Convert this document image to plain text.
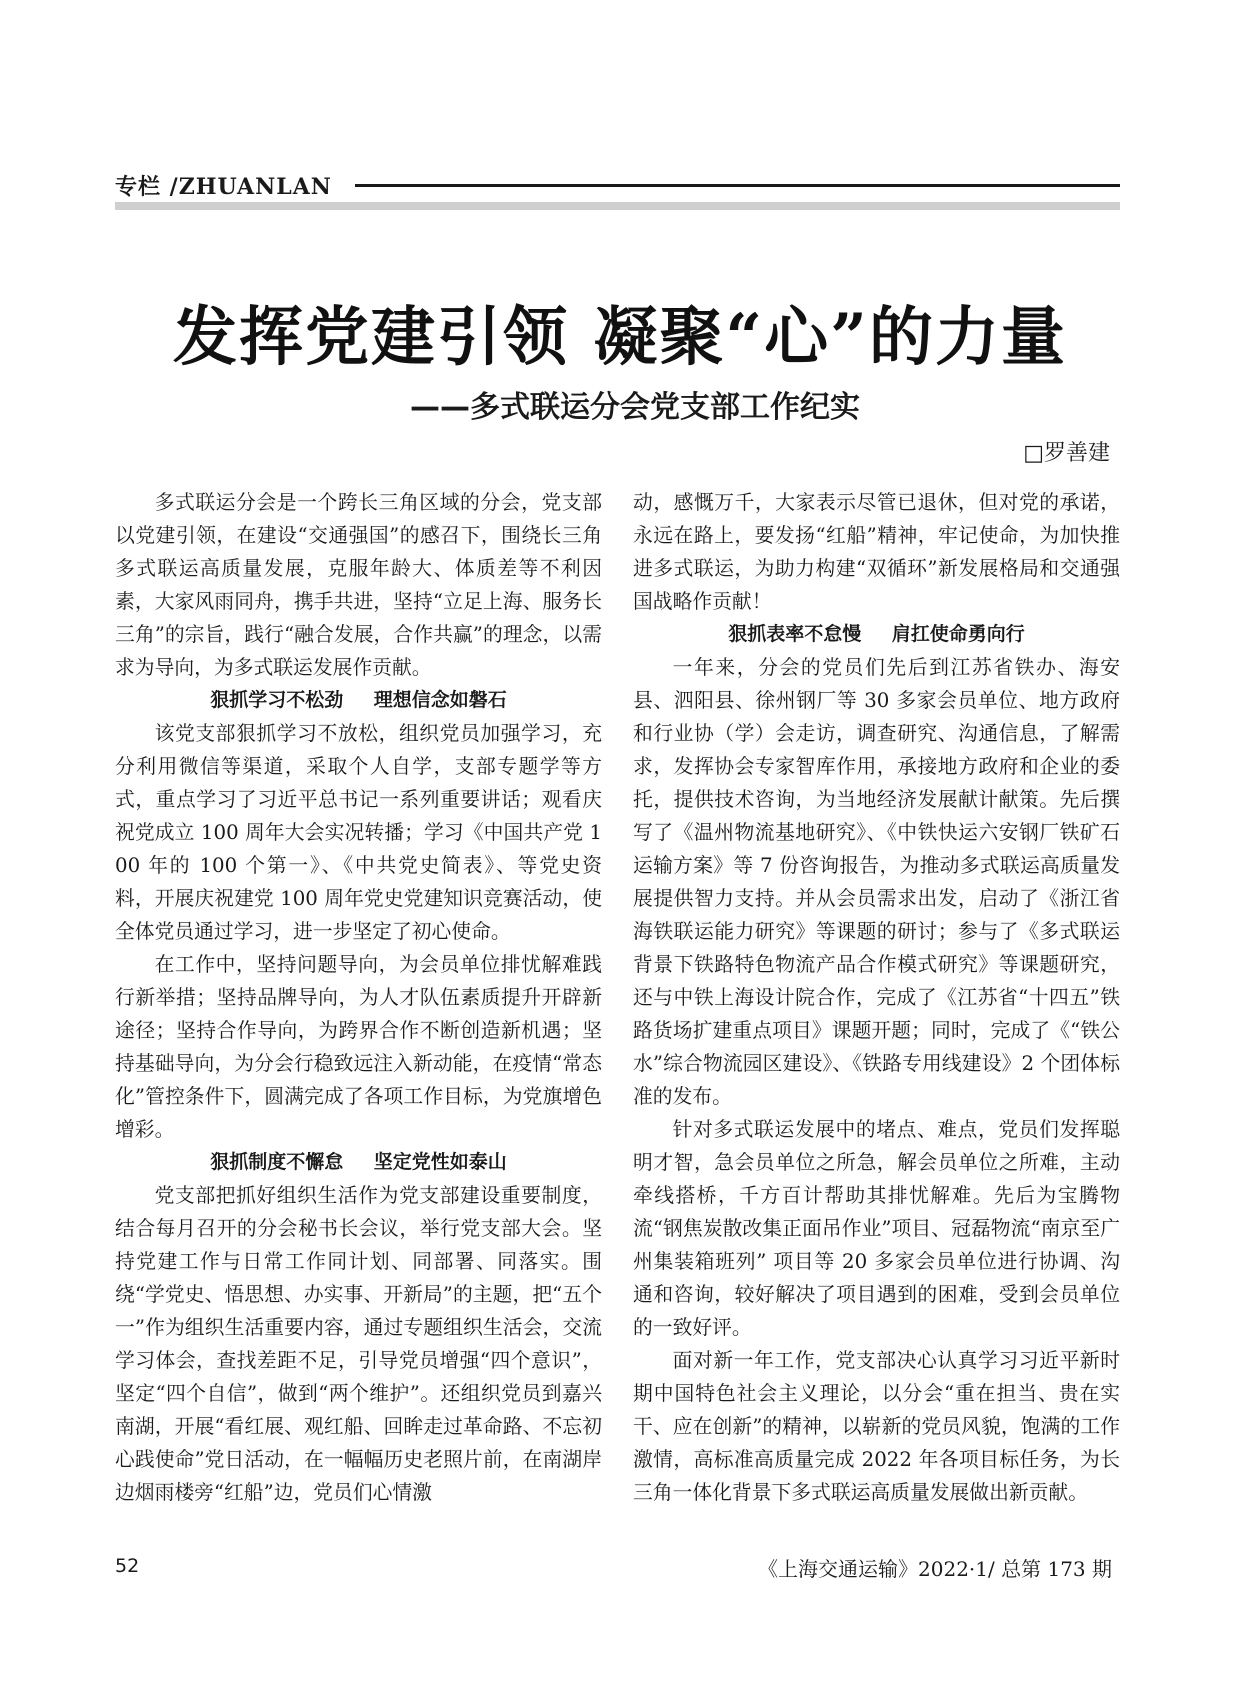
专栏 /ZHUANLAN
发挥党建引领 凝聚“心”的力量
——多式联运分会党支部工作纪实
□罗善建

多式联运分会是一个跨长三角区域的分会，党支部以党建引领，在建设“交通强国”的感召下，围绕长三角多式联运高质量发展，克服年龄大、体质差等不利因素，大家风雨同舟，携手共进，坚持“立足上海、服务长三角”的宗旨，践行“融合发展，合作共赢”的理念，以需求为导向，为多式联运发展作贡献。

狠抓学习不松劲 理想信念如磐石

该党支部狠抓学习不放松，组织党员加强学习，充分利用微信等渠道，采取个人自学，支部专题学等方式，重点学习了习近平总书记一系列重要讲话；观看庆祝党成立 100 周年大会实况转播；学习《中国共产党 100 年的 100 个第一》、《中共党史简表》、等党史资料，开展庆祝建党 100 周年党史党建知识竞赛活动，使全体党员通过学习，进一步坚定了初心使命。

在工作中，坚持问题导向，为会员单位排忧解难践行新举措；坚持品牌导向，为人才队伍素质提升开辟新途径；坚持合作导向，为跨界合作不断创造新机遇；坚持基础导向，为分会行稳致远注入新动能，在疫情“常态化”管控条件下，圆满完成了各项工作目标，为党旗增色增彩。

狠抓制度不懈怠 坚定党性如泰山

党支部把抓好组织生活作为党支部建设重要制度，结合每月召开的分会秘书长会议，举行党支部大会。坚持党建工作与日常工作同计划、同部署、同落实。围绕“学党史、悟思想、办实事、开新局”的主题，把“五个一”作为组织生活重要内容，通过专题组织生活会，交流学习体会，查找差距不足，引导党员增强“四个意识”，坚定“四个自信”，做到“两个维护”。还组织党员到嘉兴南湖，开展“看红展、观红船、回眸走过革命路、不忘初心践使命”党日活动，在一幅幅历史老照片前，在南湖岸边烟雨楼旁“红船”边，党员们心情激

动，感慨万千，大家表示尽管已退休，但对党的承诺，永远在路上，要发扬“红船”精神，牢记使命，为加快推进多式联运，为助力构建“双循环”新发展格局和交通强国战略作贡献！

狠抓表率不怠慢 肩扛使命勇向行

一年来，分会的党员们先后到江苏省铁办、海安县、泗阳县、徐州钢厂等 30 多家会员单位、地方政府和行业协（学）会走访，调查研究、沟通信息，了解需求，发挥协会专家智库作用，承接地方政府和企业的委托，提供技术咨询，为当地经济发展献计献策。先后撰写了《温州物流基地研究》、《中铁快运六安钢厂铁矿石运输方案》等 7 份咨询报告，为推动多式联运高质量发展提供智力支持。并从会员需求出发，启动了《浙江省海铁联运能力研究》等课题的研讨；参与了《多式联运背景下铁路特色物流产品合作模式研究》等课题研究，还与中铁上海设计院合作，完成了《江苏省“十四五”铁路货场扩建重点项目》课题开题；同时，完成了《“铁公水”综合物流园区建设》、《铁路专用线建设》2 个团体标准的发布。

针对多式联运发展中的堵点、难点，党员们发挥聪明才智，急会员单位之所急，解会员单位之所难，主动牵线搭桥，千方百计帮助其排忧解难。先后为宝腾物流“钢焦炭散改集正面吊作业”项目、冠磊物流“南京至广州集装箱班列” 项目等 20 多家会员单位进行协调、沟通和咨询，较好解决了项目遇到的困难，受到会员单位的一致好评。

面对新一年工作，党支部决心认真学习习近平新时期中国特色社会主义理论，以分会“重在担当、贵在实干、应在创新”的精神，以崭新的党员风貌，饱满的工作激情，高标准高质量完成 2022 年各项目标任务，为长三角一体化背景下多式联运高质量发展做出新贡献。

52	《上海交通运输》2022·1/ 总第 173 期
